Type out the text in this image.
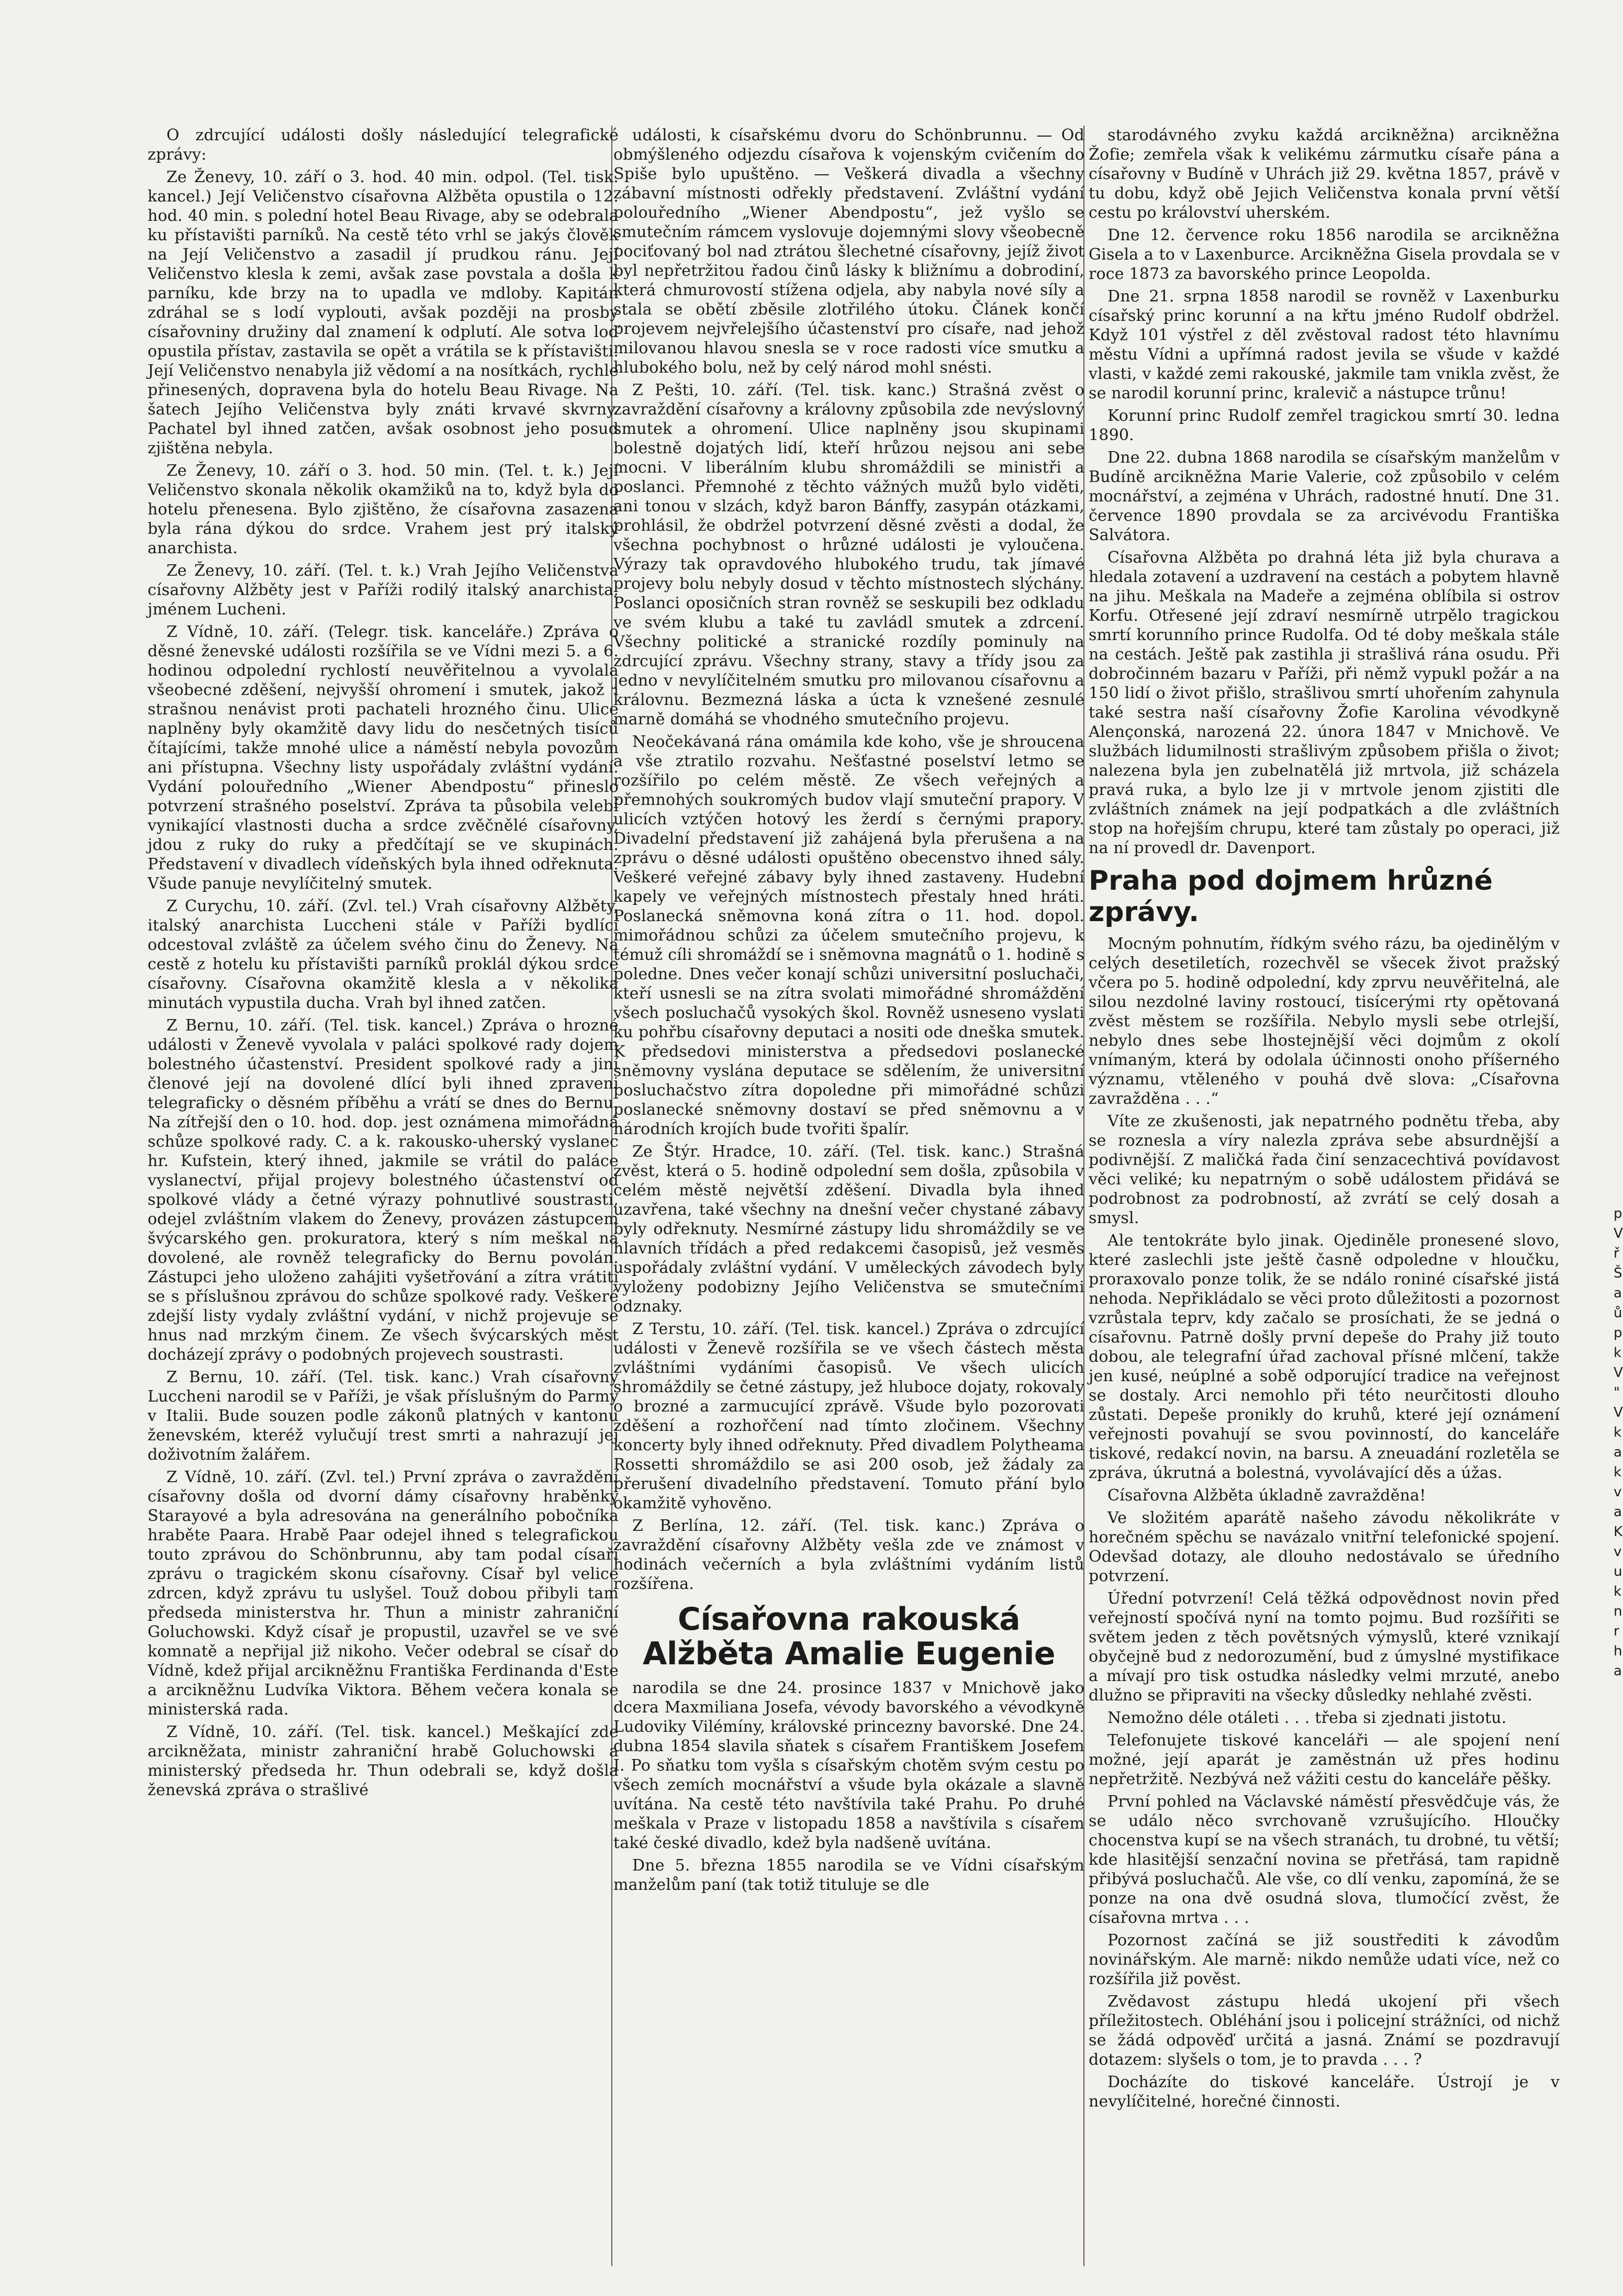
O zdrcující události došly následující telegrafické zprávy:

Ze Ženevy, 10. září o 3. hod. 40 min. odpol. (Tel. tisk. kancel.) Její Veličenstvo císařovna Alžběta opustila o 12. hod. 40 min. s polední hotel Beau Rivage, aby se odebrala ku přístavišti parníků. Na cestě této vrhl se jakýs člověk na Její Veličenstvo a zasadil jí prudkou ránu. Její Veličenstvo klesla k zemi, avšak zase povstala a došla k parníku, kde brzy na to upadla ve mdloby. Kapitán zdráhal se s lodí vyplouti, avšak později na prosby císařovniny družiny dal znamení k odplutí. Ale sotva loď opustila přístav, zastavila se opět a vrátila se k přístavišti. Její Veličenstvo nenabyla již vědomí a na nosítkách, rychle přinesených, dopravena byla do hotelu Beau Rivage. Na šatech Jejího Veličenstva byly znáti krvavé skvrny. Pachatel byl ihned zatčen, avšak osobnost jeho posud zjištěna nebyla.

Ze Ženevy, 10. září o 3. hod. 50 min. (Tel. t. k.) Její Veličenstvo skonala několik okamžiků na to, když byla do hotelu přenesena. Bylo zjištěno, že císařovna zasazena byla rána dýkou do srdce. Vrahem jest prý italský anarchista.

Ze Ženevy, 10. září. (Tel. t. k.) Vrah Jejího Veličenstva císařovny Alžběty jest v Paříži rodilý italský anarchista, jménem Lucheni.

Z Vídně, 10. září. (Telegr. tisk. kanceláře.) Zpráva o děsné ženevské události rozšířila se ve Vídni mezi 5. a 6. hodinou odpolední rychlostí neuvěřitelnou a vyvolala všeobecné zděšení, nejvyšší ohromení i smutek, jakož i strašnou nenávist proti pachateli hrozného činu. Ulice naplněny byly okamžitě davy lidu do nesčetných tisíců čítajícími, takže mnohé ulice a náměstí nebyla povozům ani přístupna. Všechny listy uspořádaly zvláštní vydání. Vydání polouředního „Wiener Abendpostu“ přineslo potvrzení strašného poselství. Zpráva ta působila velebí vynikající vlastnosti ducha a srdce zvěčnělé císařovny, jdou z ruky do ruky a předčítají se ve skupinách. Představení v divadlech vídeňských byla ihned odřeknuta. Všude panuje nevylíčitelný smutek.

Z Curychu, 10. září. (Zvl. tel.) Vrah císařovny Alžběty, italský anarchista Luccheni stále v Paříži bydlící odcestoval zvláště za účelem svého činu do Ženevy. Na cestě z hotelu ku přístavišti parníků proklál dýkou srdce císařovny. Císařovna okamžitě klesla a v několika minutách vypustila ducha. Vrah byl ihned zatčen.

Z Bernu, 10. září. (Tel. tisk. kancel.) Zpráva o hrozné události v Ženevě vyvolala v paláci spolkové rady dojem bolestného účastenství. President spolkové rady a jiní členové její na dovolené dlící byli ihned zpraveni telegraficky o děsném příběhu a vrátí se dnes do Bernu. Na zítřejší den o 10. hod. dop. jest oznámena mimořádná schůze spolkové rady. C. a k. rakousko-uherský vyslanec hr. Kufstein, který ihned, jakmile se vrátil do paláce vyslanectví, přijal projevy bolestného účastenství od spolkové vlády a četné výrazy pohnutlivé soustrasti, odejel zvláštním vlakem do Ženevy, provázen zástupcem švýcarského gen. prokuratora, který s ním meškal na dovolené, ale rovněž telegraficky do Bernu povolán. Zástupci jeho uloženo zahájiti vyšetřování a zítra vrátiti se s příslušnou zprávou do schůze spolkové rady. Veškeré zdejší listy vydaly zvláštní vydání, v nichž projevuje se hnus nad mrzkým činem. Ze všech švýcarských měst docházejí zprávy o podobných projevech soustrasti.

Z Bernu, 10. září. (Tel. tisk. kanc.) Vrah císařovny Luccheni narodil se v Paříži, je však příslušným do Parmy v Italii. Bude souzen podle zákonů platných v kantonu ženevském, kteréž vylučují trest smrti a nahrazují jej doživotním žalářem.

Z Vídně, 10. září. (Zvl. tel.) První zpráva o zavraždění císařovny došla od dvorní dámy císařovny hraběnky Starayové a byla adresována na generálního pobočníka hraběte Paara. Hrabě Paar odejel ihned s telegrafickou touto zprávou do Schönbrunnu, aby tam podal císaři zprávu o tragickém skonu císařovny. Císař byl velice zdrcen, když zprávu tu uslyšel. Touž dobou přibyli tam předseda ministerstva hr. Thun a ministr zahraniční Goluchowski. Když císař je propustil, uzavřel se ve své komnatě a nepřijal již nikoho. Večer odebral se císař do Vídně, kdež přijal arcikněžnu Františka Ferdinanda d'Este a arcikněžnu Ludvíka Viktora. Během večera konala se ministerská rada.

Z Vídně, 10. září. (Tel. tisk. kancel.) Meškající zde arcikněžata, ministr zahraniční hrabě Goluchowski a ministerský předseda hr. Thun odebrali se, když došla ženevská zpráva o strašlivé

události, k císařskému dvoru do Schönbrunnu. — Od obmýšleného odjezdu císařova k vojenským cvičením do Spiše bylo upuštěno. — Veškerá divadla a všechny zábavní místnosti odřekly představení. Zvláštní vydání polouředního „Wiener Abendpostu“, jež vyšlo se smutečním rámcem vyslovuje dojemnými slovy všeobecně pociťovaný bol nad ztrátou šlechetné císařovny, jejíž život byl nepřetržitou řadou činů lásky k bližnímu a dobrodiní, která chmurovostí stížena odjela, aby nabyla nové síly a stala se obětí zběsile zlotřilého útoku. Článek končí projevem nejvřelejšího účastenství pro císaře, nad jehož milovanou hlavou snesla se v roce radosti více smutku a hlubokého bolu, než by celý národ mohl snésti.

Z Pešti, 10. září. (Tel. tisk. kanc.) Strašná zvěst o zavraždění císařovny a královny způsobila zde nevýslovný smutek a ohromení. Ulice naplněny jsou skupinami bolestně dojatých lidí, kteří hrůzou nejsou ani sebe mocni. V liberálním klubu shromáždili se ministři a poslanci. Přemnohé z těchto vážných mužů bylo viděti, ani tonou v slzách, když baron Bánffy, zasypán otázkami, prohlásil, že obdržel potvrzení děsné zvěsti a dodal, že všechna pochybnost o hrůzné události je vyloučena. Výrazy tak opravdového hlubokého trudu, tak jímavé projevy bolu nebyly dosud v těchto místnostech slýchány. Poslanci oposičních stran rovněž se seskupili bez odkladu ve svém klubu a také tu zavládl smutek a zdrcení. Všechny politické a stranické rozdíly pominuly na zdrcující zprávu. Všechny strany, stavy a třídy jsou za jedno v nevylíčitelném smutku pro milovanou císařovnu a královnu. Bezmezná láska a úcta k vznešené zesnulé marně domáhá se vhodného smutečního projevu.

Neočekávaná rána omámila kde koho, vše je shroucena a vše ztratilo rozvahu. Nešťastné poselství letmo se rozšířilo po celém městě. Ze všech veřejných a přemnohých soukromých budov vlají smuteční prapory. V ulicích vztýčen hotový les žerdí s černými prapory. Divadelní představení již zahájená byla přerušena a na zprávu o děsné události opuštěno obecenstvo ihned sály. Veškeré veřejné zábavy byly ihned zastaveny. Hudební kapely ve veřejných místnostech přestaly hned hráti. Poslanecká sněmovna koná zítra o 11. hod. dopol. mimořádnou schůzi za účelem smutečního projevu, k témuž cíli shromáždí se i sněmovna magnátů o 1. hodině s poledne. Dnes večer konají schůzi universitní posluchači, kteří usnesli se na zítra svolati mimořádné shromáždění všech posluchačů vysokých škol. Rovněž usneseno vyslati ku pohřbu císařovny deputaci a nositi ode dneška smutek. K předsedovi ministerstva a předsedovi poslanecké sněmovny vyslána deputace se sdělením, že universitní posluchačstvo zítra dopoledne při mimořádné schůzi poslanecké sněmovny dostaví se před sněmovnu a v národních krojích bude tvořiti špalír.

Ze Štýr. Hradce, 10. září. (Tel. tisk. kanc.) Strašná zvěst, která o 5. hodině odpolední sem došla, způsobila v celém městě největší zděšení. Divadla byla ihned uzavřena, také všechny na dnešní večer chystané zábavy byly odřeknuty. Nesmírné zástupy lidu shromáždily se ve hlavních třídách a před redakcemi časopisů, jež vesměs uspořádaly zvláštní vydání. V uměleckých závodech byly vyloženy podobizny Jejího Veličenstva se smutečními odznaky.

Z Terstu, 10. září. (Tel. tisk. kancel.) Zpráva o zdrcující události v Ženevě rozšířila se ve všech částech města zvláštními vydáními časopisů. Ve všech ulicích shromáždily se četné zástupy, jež hluboce dojaty, rokovaly o brozné a zarmucující zprávě. Všude bylo pozorovati zděšení a rozhořčení nad tímto zločinem. Všechny koncerty byly ihned odřeknuty. Před divadlem Polytheama Rossetti shromáždilo se asi 200 osob, jež žádaly za přerušení divadelního představení. Tomuto přání bylo okamžitě vyhověno.

Z Berlína, 12. září. (Tel. tisk. kanc.) Zpráva o zavraždění císařovny Alžběty vešla zde ve známost v hodinách večerních a byla zvláštními vydáním listů rozšířena.

Císařovna rakouská Alžběta Amalie Eugenie

narodila se dne 24. prosince 1837 v Mnichově jako dcera Maxmiliana Josefa, vévody bavorského a vévodkyně Ludoviky Vilémíny, královské princezny bavorské. Dne 24. dubna 1854 slavila sňatek s císařem Františkem Josefem I. Po sňatku tom vyšla s císařským chotěm svým cestu po všech zemích mocnářství a všude byla okázale a slavně uvítána. Na cestě této navštívila také Prahu. Po druhé meškala v Praze v listopadu 1858 a navštívila s císařem také české divadlo, kdež byla nadšeně uvítána.

Dne 5. března 1855 narodila se ve Vídni císařským manželům paní (tak totiž tituluje se dle

starodávného zvyku každá arcikněžna) arcikněžna Žofie; zemřela však k velikému zármutku císaře pána a císařovny v Budíně v Uhrách již 29. května 1857, právě v tu dobu, když obě Jejich Veličenstva konala první větší cestu po království uherském.

Dne 12. července roku 1856 narodila se arcikněžna Gisela a to v Laxenburce. Arcikněžna Gisela provdala se v roce 1873 za bavorského prince Leopolda.

Dne 21. srpna 1858 narodil se rovněž v Laxenburku císařský princ korunní a na křtu jméno Rudolf obdržel. Když 101 výstřel z děl zvěstoval radost této hlavnímu městu Vídni a upřímná radost jevila se všude v každé vlasti, v každé zemi rakouské, jakmile tam vnikla zvěst, že se narodil korunní princ, kralevič a nástupce trůnu!

Korunní princ Rudolf zemřel tragickou smrtí 30. ledna 1890.

Dne 22. dubna 1868 narodila se císařským manželům v Budíně arcikněžna Marie Valerie, což způsobilo v celém mocnářství, a zejména v Uhrách, radostné hnutí. Dne 31. července 1890 provdala se za arcivévodu Františka Salvátora.

Císařovna Alžběta po drahná léta již byla churava a hledala zotavení a uzdravení na cestách a pobytem hlavně na jihu. Meškala na Madeře a zejména oblíbila si ostrov Korfu. Otřesené její zdraví nesmírně utrpělo tragickou smrtí korunního prince Rudolfa. Od té doby meškala stále na cestách. Ještě pak zastihla ji strašlivá rána osudu. Při dobročinném bazaru v Paříži, při němž vypukl požár a na 150 lidí o život přišlo, strašlivou smrtí uhořením zahynula také sestra naší císařovny Žofie Karolina vévodkyně Alençonská, narozená 22. února 1847 v Mnichově. Ve službách lidumilnosti strašlivým způsobem přišla o život; nalezena byla jen zubelnatělá již mrtvola, již scházela pravá ruka, a bylo lze ji v mrtvole jenom zjistiti dle zvláštních známek na její podpatkách a dle zvláštních stop na hořejším chrupu, které tam zůstaly po operaci, již na ní provedl dr. Davenport.

Praha pod dojmem hrůzné zprávy.

Mocným pohnutím, řídkým svého rázu, ba ojedinělým v celých desetiletích, rozechvěl se všecek život pražský včera po 5. hodině odpolední, kdy zprvu neuvěřitelná, ale silou nezdolné laviny rostoucí, tisícerými rty opětovaná zvěst městem se rozšířila. Nebylo mysli sebe otrlejší, nebylo dnes sebe lhostejnější věci dojmům z okolí vnímaným, která by odolala účinnosti onoho příšerného významu, vtěleného v pouhá dvě slova: „Císařovna zavražděna . . .“

Víte ze zkušenosti, jak nepatrného podnětu třeba, aby se roznesla a víry nalezla zpráva sebe absurdnější a podivnější. Z maličká řada činí senzacechtivá povídavost věci veliké; ku nepatrným o sobě událostem přidává se podrobnost za podrobností, až zvrátí se celý dosah a smysl.

Ale tentokráte bylo jinak. Ojediněle pronesené slovo, které zaslechli jste ještě časně odpoledne v hloučku, proraxovalo ponze tolik, že se ndálo roniné císařské jistá nehoda. Nepřikládalo se věci proto důležitosti a pozornost vzrůstala teprv, kdy začalo se prosíchati, že se jedná o císařovnu. Patrně došly první depeše do Prahy již touto dobou, ale telegrafní úřad zachoval přísné mlčení, takže jen kusé, neúplné a sobě odporující tradice na veřejnost se dostaly. Arci nemohlo při této neurčitosti dlouho zůstati. Depeše pronikly do kruhů, které její oznámení veřejnosti povahují se svou povinností, do kanceláře tiskové, redakcí novin, na barsu. A zneuadání rozletěla se zpráva, úkrutná a bolestná, vyvolávající děs a úžas.

Císařovna Alžběta úkladně zavražděna!

Ve složitém aparátě našeho závodu několikráte v horečném spěchu se navázalo vnitřní telefonické spojení. Odevšad dotazy, ale dlouho nedostávalo se úředního potvrzení.

Úřední potvrzení! Celá těžká odpovědnost novin před veřejností spočívá nyní na tomto pojmu. Bud rozšířiti se světem jeden z těch povětsných výmyslů, které vznikají obyčejně bud z nedorozumění, bud z úmyslné mystifikace a mívají pro tisk ostudka následky velmi mrzuté, anebo dlužno se připraviti na všecky důsledky nehlahé zvěsti.

Nemožno déle otáleti . . . třeba si zjednati jistotu.

Telefonujete tiskové kanceláři — ale spojení není možné, její aparát je zaměstnán už přes hodinu nepřetržitě. Nezbývá než vážiti cestu do kanceláře pěšky.

První pohled na Václavské náměstí přesvědčuje vás, že se událo něco svrchovaně vzrušujícího. Hloučky chocenstva kupí se na všech stranách, tu drobné, tu větší; kde hlasitější senzační novina se přetřásá, tam rapidně přibývá posluchačů. Ale vše, co dlí venku, zapomíná, že se ponze na ona dvě osudná slova, tlumočící zvěst, že císařovna mrtva . . .

Pozornost začíná se již soustřediti k závodům novinářským. Ale marně: nikdo nemůže udati více, než co rozšířila již pověst.

Zvědavost zástupu hledá ukojení při všech příležitostech. Obléhání jsou i policejní strážníci, od nichž se žádá odpověď určitá a jasná. Známí se pozdravují dotazem: slyšels o tom, je to pravda . . . ?

Docházíte do tiskové kanceláře. Ústrojí je v nevylíčitelné, horečné činnosti.

p
V
ř
Š
a
ů
p
k
V
"
V
k
a
k
v
a
K
v
u
k
n
r
h
a
